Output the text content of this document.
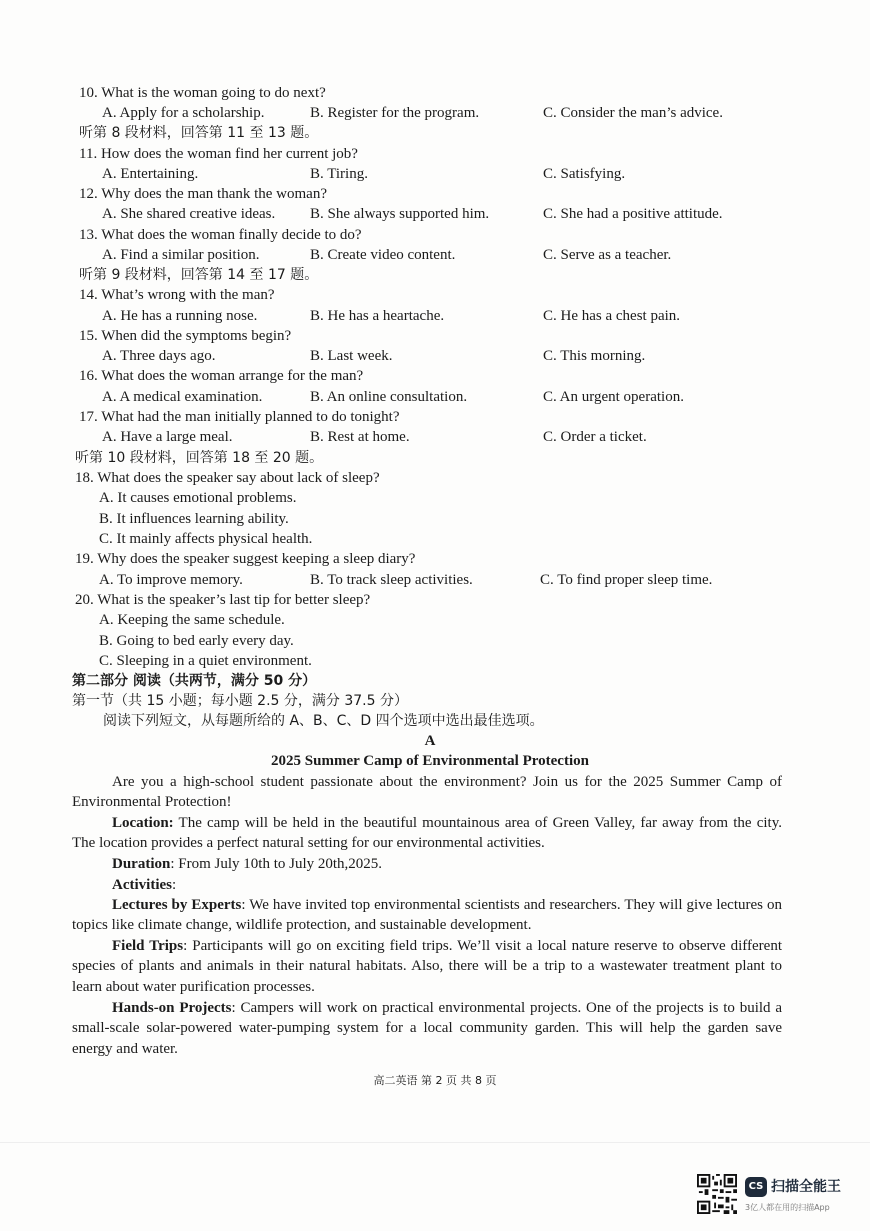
10. What is the woman going to do next?
A. Apply for a scholarship.	B. Register for the program.	C. Consider the man’s advice.
听第 8 段材料，回答第 11 至 13 题。
11. How does the woman find her current job?
A. Entertaining.	B. Tiring.	C. Satisfying.
12. Why does the man thank the woman?
A. She shared creative ideas. B. She always supported him.	C. She had a positive attitude.
13. What does the woman finally decide to do?
A. Find a similar position.	B. Create video content.	C. Serve as a teacher.
听第 9 段材料，回答第 14 至 17 题。
14. What’s wrong with the man?
A. He has a running nose.	B. He has a heartache.	C. He has a chest pain.
15. When did the symptoms begin?
A. Three days ago.	B. Last week.	C. This morning.
16. What does the woman arrange for the man?
A. A medical examination.	B. An online consultation.	C. An urgent operation.
17. What had the man initially planned to do tonight?
A. Have a large meal.	B. Rest at home.	C. Order a ticket.
听第 10 段材料，回答第 18 至 20 题。
18. What does the speaker say about lack of sleep?
A. It causes emotional problems.
B. It influences learning ability.
C. It mainly affects physical health.
19. Why does the speaker suggest keeping a sleep diary?
A. To improve memory.	B. To track sleep activities.	C. To find proper sleep time.
20. What is the speaker’s last tip for better sleep?
A. Keeping the same schedule.
B. Going to bed early every day.
C. Sleeping in a quiet environment.
第二部分 阅读（共两节，满分 50 分）
第一节（共 15 小题；每小题 2.5 分，满分 37.5 分）
阅读下列短文，从每题所给的 A、B、C、D 四个选项中选出最佳选项。
A
2025 Summer Camp of Environmental Protection
Are you a high-school student passionate about the environment? Join us for the 2025 Summer Camp of Environmental Protection!
Location: The camp will be held in the beautiful mountainous area of Green Valley, far away from the city. The location provides a perfect natural setting for our environmental activities.
Duration: From July 10th to July 20th,2025.
Activities:
Lectures by Experts: We have invited top environmental scientists and researchers. They will give lectures on topics like climate change, wildlife protection, and sustainable development.
Field Trips: Participants will go on exciting field trips. We’ll visit a local nature reserve to observe different species of plants and animals in their natural habitats. Also, there will be a trip to a wastewater treatment plant to learn about water purification processes.
Hands-on Projects: Campers will work on practical environmental projects. One of the projects is to build a small-scale solar-powered water-pumping system for a local community garden. This will help the garden save energy and water.
高二英语 第 2 页 共 8 页
CS 扫描全能王
3亿人都在用的扫描App
